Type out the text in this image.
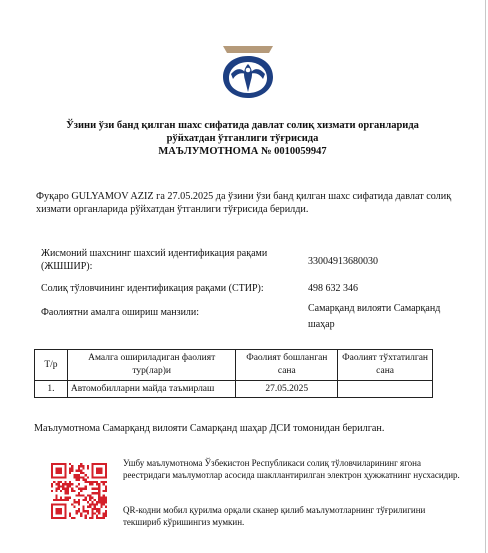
Ўзини ўзи банд қилган шахс сифатида давлат солиқ хизмати органларида
рўйхатдан ўтганлиги тўғрисида
МАЪЛУМОТНОМА № 0010059947
Фуқаро GULYAMOV AZIZ га 27.05.2025 да ўзини ўзи банд қилган шахс сифатида давлат солиқ хизмати органларида рўйхатдан ўтганлиги тўғрисида берилди.
Жисмоний шахснинг шахсий идентификация рақами (ЖШШИР):	33004913680030
Солиқ тўловчининг идентификация рақами (СТИР):	498 632 346
Фаолиятни амалга ошириш манзили:	Самарқанд вилояти Самарқанд шаҳар
Т/р	Амалга ошириладиган фаолият тур(лар)и	Фаолият бошланган сана	Фаолият тўхтатилган сана
1.	Автомобилларни майда таъмирлаш	27.05.2025	
Маълумотнома Самарқанд вилояти Самарқанд шаҳар ДСИ томонидан берилган.
Ушбу маълумотнома Ўзбекистон Республикаси солиқ тўловчиларининг ягона реестридаги маълумотлар асосида шакллантирилган электрон ҳужжатнинг нусхасидир.
QR-кодни мобил қурилма орқали сканер қилиб маълумотларнинг тўғрилигини текшириб кўришингиз мумкин.
